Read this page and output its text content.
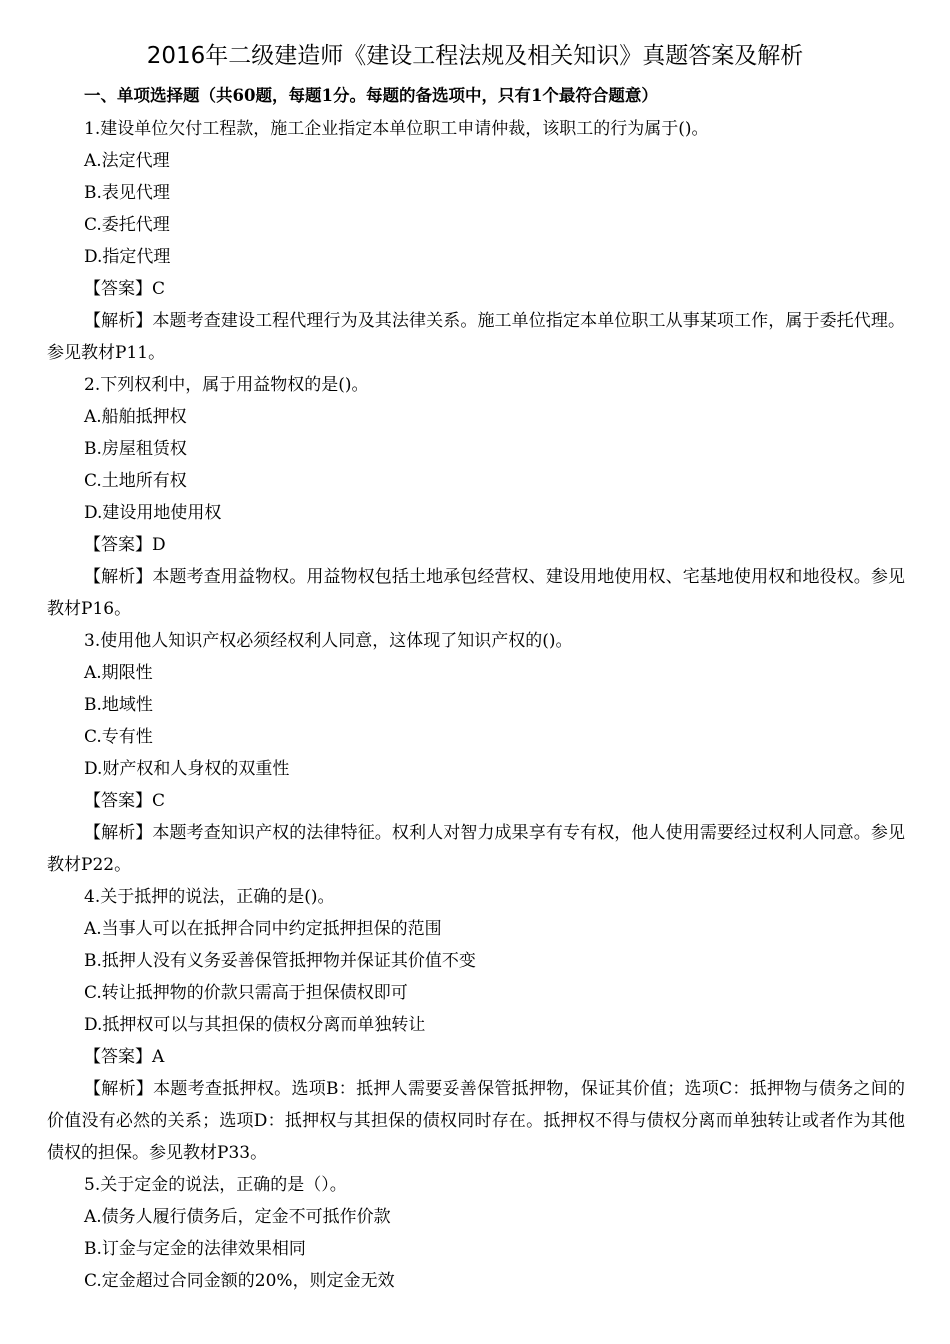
2016年二级建造师《建设工程法规及相关知识》真题答案及解析
一、单项选择题（共60题，每题1分。每题的备选项中，只有1个最符合题意）
1.建设单位欠付工程款，施工企业指定本单位职工申请仲裁，该职工的行为属于()。
A.法定代理
B.表见代理
C.委托代理
D.指定代理
【答案】C
【解析】本题考查建设工程代理行为及其法律关系。施工单位指定本单位职工从事某项工作，属于委托代理。参见教材P11。
2.下列权利中，属于用益物权的是()。
A.船舶抵押权
B.房屋租赁权
C.土地所有权
D.建设用地使用权
【答案】D
【解析】本题考查用益物权。用益物权包括土地承包经营权、建设用地使用权、宅基地使用权和地役权。参见教材P16。
3.使用他人知识产权必须经权利人同意，这体现了知识产权的()。
A.期限性
B.地域性
C.专有性
D.财产权和人身权的双重性
【答案】C
【解析】本题考查知识产权的法律特征。权利人对智力成果享有专有权，他人使用需要经过权利人同意。参见教材P22。
4.关于抵押的说法，正确的是()。
A.当事人可以在抵押合同中约定抵押担保的范围
B.抵押人没有义务妥善保管抵押物并保证其价值不变
C.转让抵押物的价款只需高于担保债权即可
D.抵押权可以与其担保的债权分离而单独转让
【答案】A
【解析】本题考查抵押权。选项B：抵押人需要妥善保管抵押物，保证其价值；选项C：抵押物与债务之间的价值没有必然的关系；选项D：抵押权与其担保的债权同时存在。抵押权不得与债权分离而单独转让或者作为其他债权的担保。参见教材P33。
5.关于定金的说法，正确的是（）。
A.债务人履行债务后，定金不可抵作价款
B.订金与定金的法律效果相同
C.定金超过合同金额的20%，则定金无效
